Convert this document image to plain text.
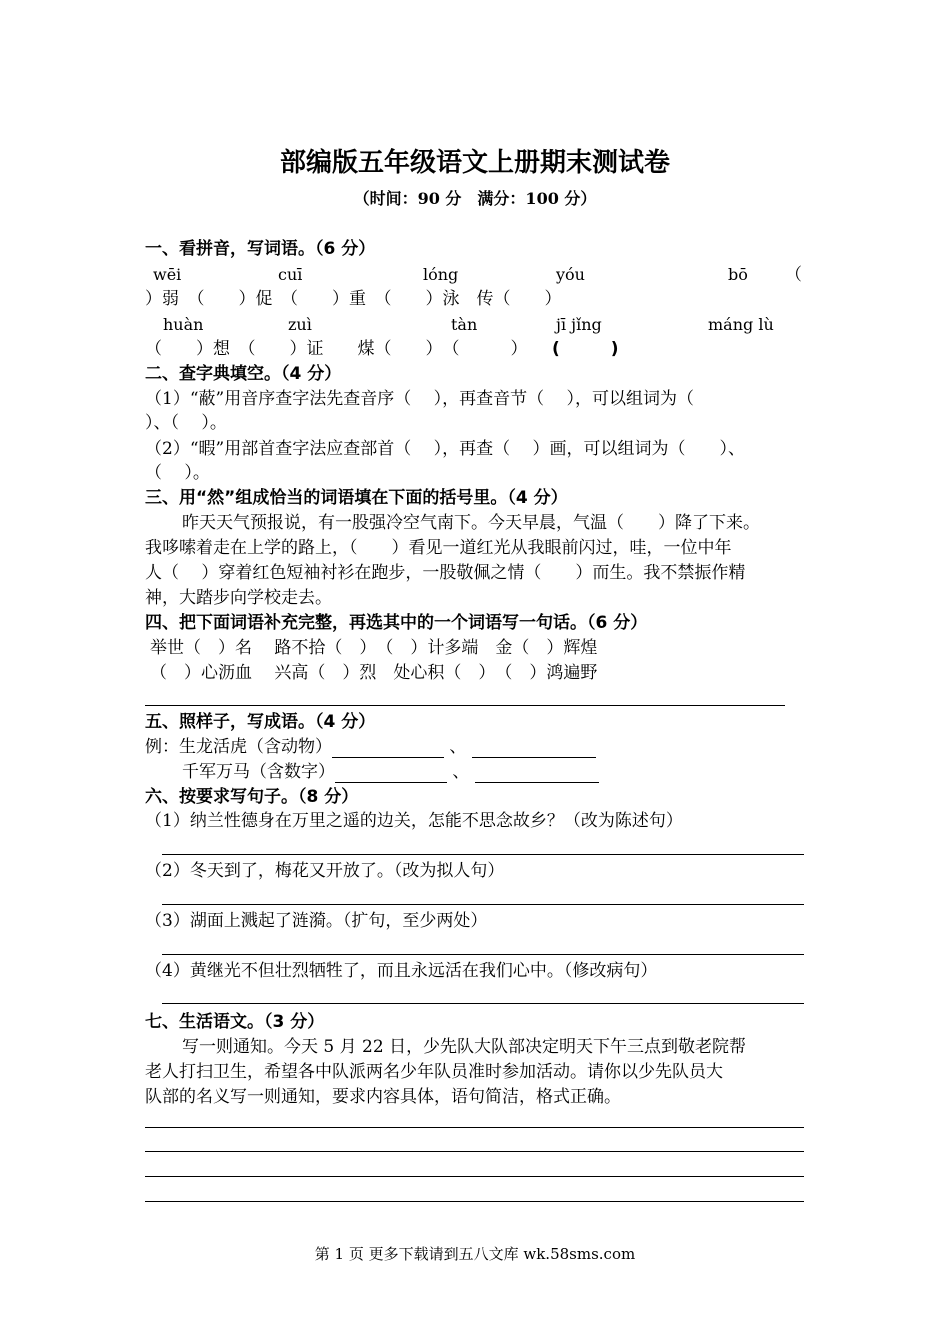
部编版五年级语文上册期末测试卷
（时间：90 分　满分：100 分）
一、看拼音，写词语。（6 分）
wēi	cuī	lóng	yóu	bō （
）弱　（　　）促　（　　）重　（　　）泳　传（　　）
huàn	zuì	tàn	jī jǐng	máng lù
（　　）想　（　　）证　　煤（　　）　（　　　） (　　　)
二、查字典填空。（4 分）
（1）“蔽”用音序查字法先查音序（　 ），再查音节（　 ），可以组词为（
）、（　 ）。
（2）“暇”用部首查字法应查部首（　 ），再查（　 ）画，可以组词为（　　）、
（　 ）。
三、用“然”组成恰当的词语填在下面的括号里。（4 分）
昨天天气预报说，有一股强冷空气南下。今天早晨，气温（　　）降了下来。
我哆嗦着走在上学的路上，（　　）看见一道红光从我眼前闪过，哇，一位中年
人（　 ）穿着红色短袖衬衫在跑步，一股敬佩之情（　　）而生。我不禁振作精
神，大踏步向学校走去。
四、把下面词语补充完整，再选其中的一个词语写一句话。（6 分）
举世（　）名　 路不拾（　）　（　）计多端　金（　）辉煌
（　）心沥血　 兴高（　）烈　处心积（　）　（　）鸿遍野
五、照样子，写成语。（4 分）
例：生龙活虎（含动物）	、
千军万马（含数字）	、
六、按要求写句子。（8 分）
（1）纳兰性德身在万里之遥的边关，怎能不思念故乡？（改为陈述句）
（2）冬天到了，梅花又开放了。（改为拟人句）
（3）湖面上溅起了涟漪。（扩句，至少两处）
（4）黄继光不但壮烈牺牲了，而且永远活在我们心中。（修改病句）
七、生活语文。（3 分）
写一则通知。今天 5 月 22 日，少先队大队部决定明天下午三点到敬老院帮
老人打扫卫生，希望各中队派两名少年队员准时参加活动。请你以少先队员大
队部的名义写一则通知，要求内容具体，语句简洁，格式正确。
第 1 页 更多下载请到五八文库 wk.58sms.com
